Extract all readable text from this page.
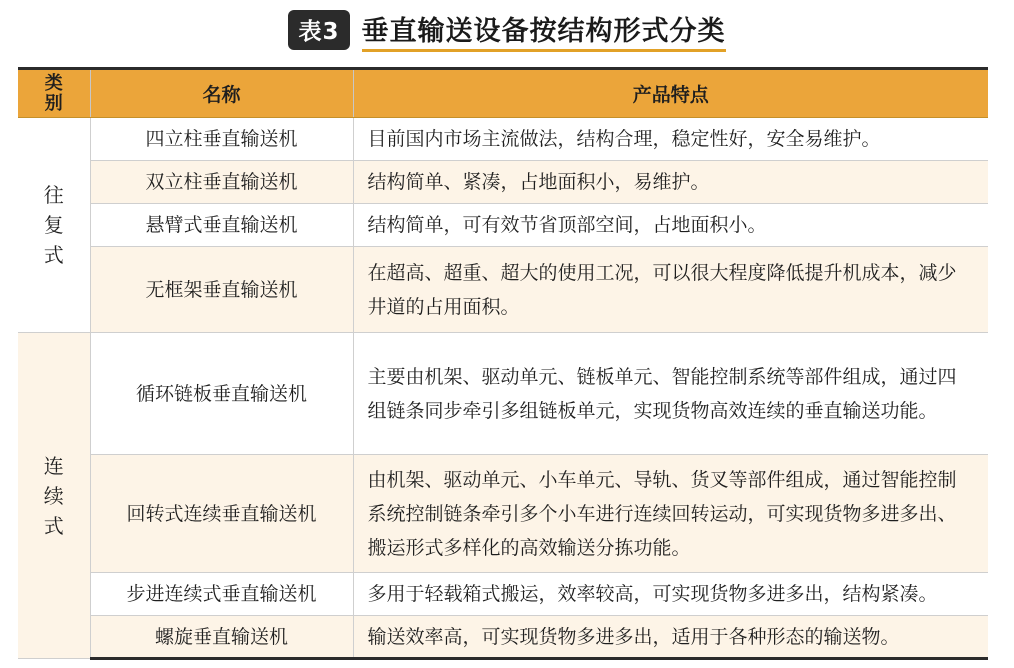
表3 垂直输送设备按结构形式分类
类别	名称	产品特点
往复式	四立柱垂直输送机	目前国内市场主流做法，结构合理，稳定性好，安全易维护。
	双立柱垂直输送机	结构简单、紧凑，占地面积小，易维护。
	悬臂式垂直输送机	结构简单，可有效节省顶部空间，占地面积小。
	无框架垂直输送机	在超高、超重、超大的使用工况，可以很大程度降低提升机成本，减少井道的占用面积。
连续式	循环链板垂直输送机	主要由机架、驱动单元、链板单元、智能控制系统等部件组成，通过四组链条同步牵引多组链板单元，实现货物高效连续的垂直输送功能。
	回转式连续垂直输送机	由机架、驱动单元、小车单元、导轨、货叉等部件组成，通过智能控制系统控制链条牵引多个小车进行连续回转运动，可实现货物多进多出、搬运形式多样化的高效输送分拣功能。
	步进连续式垂直输送机	多用于轻载箱式搬运，效率较高，可实现货物多进多出，结构紧凑。
	螺旋垂直输送机	输送效率高，可实现货物多进多出，适用于各种形态的输送物。
